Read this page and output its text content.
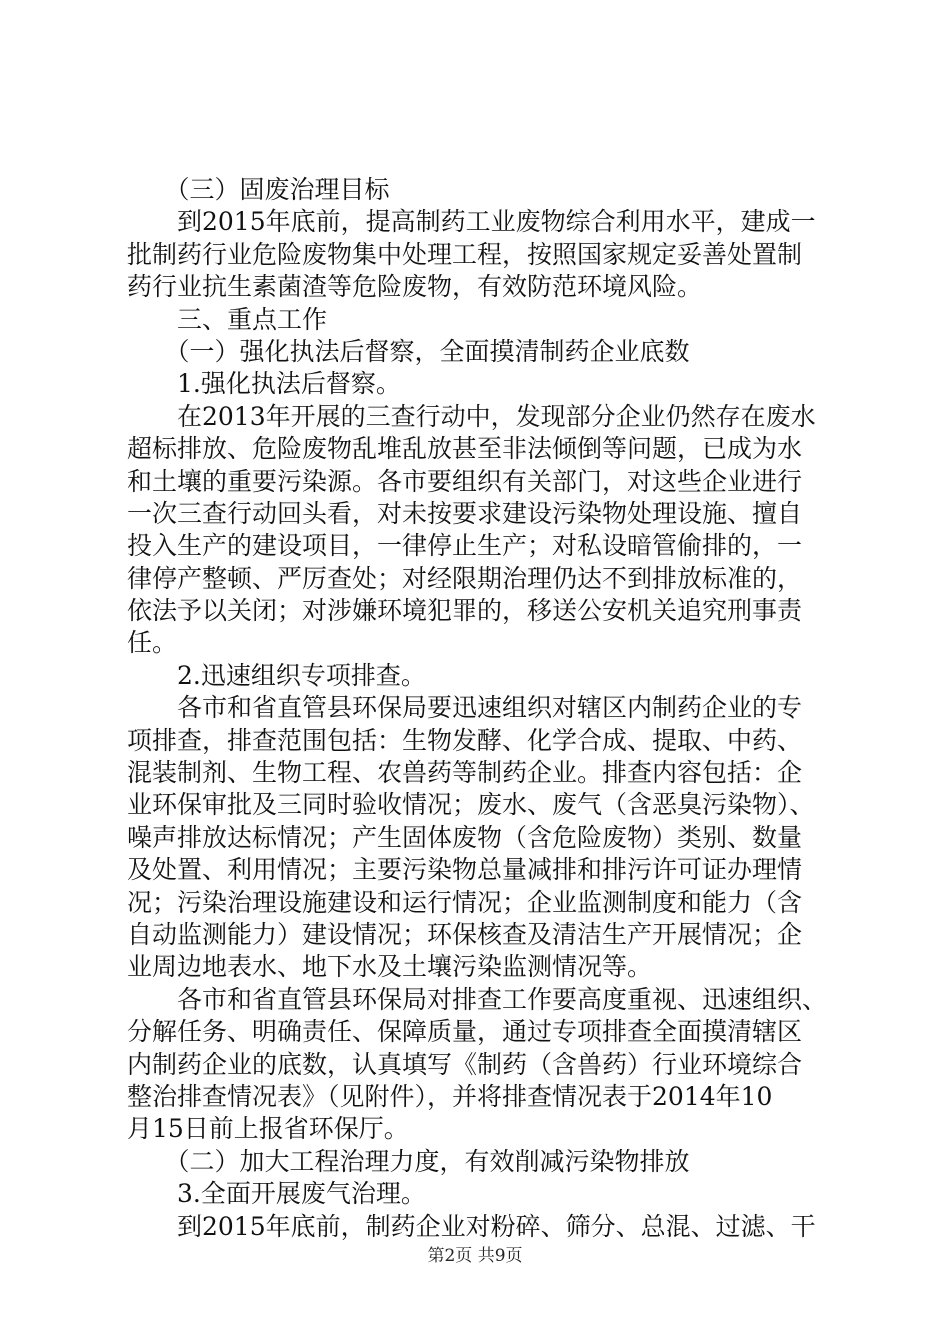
　　（三）固废治理目标
　　到2015年底前，提高制药工业废物综合利用水平，建成一
批制药行业危险废物集中处理工程，按照国家规定妥善处置制
药行业抗生素菌渣等危险废物，有效防范环境风险。
　　三、重点工作
　　（一）强化执法后督察，全面摸清制药企业底数
　　1.强化执法后督察。
　　在2013年开展的三查行动中，发现部分企业仍然存在废水
超标排放、危险废物乱堆乱放甚至非法倾倒等问题，已成为水
和土壤的重要污染源。各市要组织有关部门，对这些企业进行
一次三查行动回头看，对未按要求建设污染物处理设施、擅自
投入生产的建设项目，一律停止生产；对私设暗管偷排的，一
律停产整顿、严厉查处；对经限期治理仍达不到排放标准的，
依法予以关闭；对涉嫌环境犯罪的，移送公安机关追究刑事责
任。
　　2.迅速组织专项排查。
　　各市和省直管县环保局要迅速组织对辖区内制药企业的专
项排查，排查范围包括：生物发酵、化学合成、提取、中药、
混装制剂、生物工程、农兽药等制药企业。排查内容包括：企
业环保审批及三同时验收情况；废水、废气（含恶臭污染物）、
噪声排放达标情况；产生固体废物（含危险废物）类别、数量
及处置、利用情况；主要污染物总量减排和排污许可证办理情
况；污染治理设施建设和运行情况；企业监测制度和能力（含
自动监测能力）建设情况；环保核查及清洁生产开展情况；企
业周边地表水、地下水及土壤污染监测情况等。
　　各市和省直管县环保局对排查工作要高度重视、迅速组织、
分解任务、明确责任、保障质量，通过专项排查全面摸清辖区
内制药企业的底数，认真填写《制药（含兽药）行业环境综合
整治排查情况表》（见附件），并将排查情况表于2014年10
月15日前上报省环保厅。
　　（二）加大工程治理力度，有效削减污染物排放
　　3.全面开展废气治理。
　　到2015年底前，制药企业对粉碎、筛分、总混、过滤、干
第2页 共9页
